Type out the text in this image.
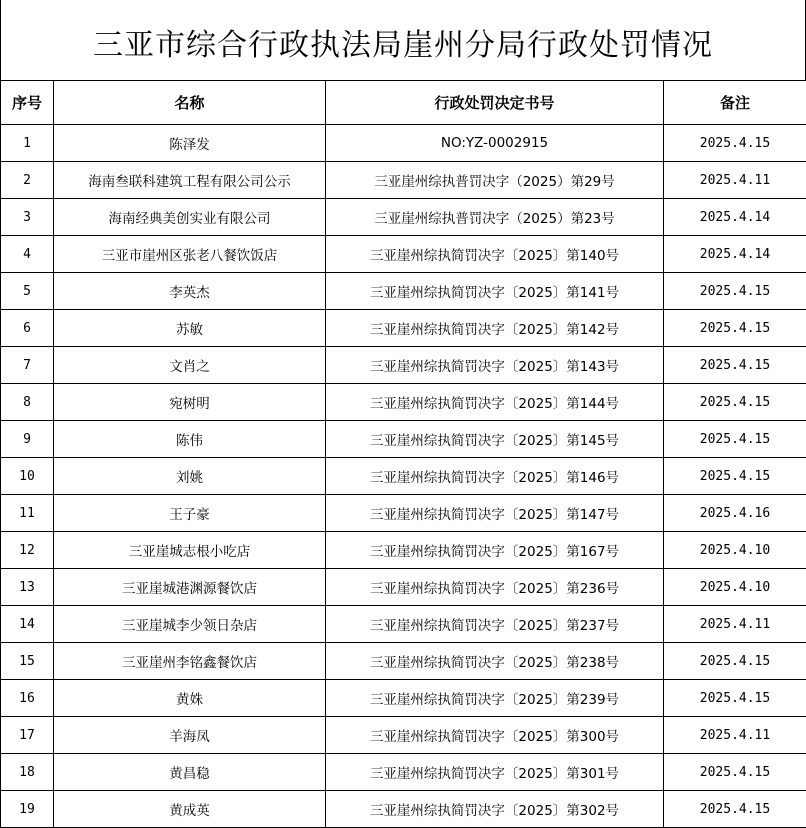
三亚市综合行政执法局崖州分局行政处罚情况
序号	名称	行政处罚决定书号	备注
1	陈泽发	NO:YZ-0002915	2025.4.15
2	海南叁联科建筑工程有限公司公示	三亚崖州综执普罚决字（2025）第29号	2025.4.11
3	海南经典美创实业有限公司	三亚崖州综执普罚决字（2025）第23号	2025.4.14
4	三亚市崖州区张老八餐饮饭店	三亚崖州综执简罚决字〔2025〕第140号	2025.4.14
5	李英杰	三亚崖州综执简罚决字〔2025〕第141号	2025.4.15
6	苏敏	三亚崖州综执简罚决字〔2025〕第142号	2025.4.15
7	文肖之	三亚崖州综执简罚决字〔2025〕第143号	2025.4.15
8	宛树明	三亚崖州综执简罚决字〔2025〕第144号	2025.4.15
9	陈伟	三亚崖州综执简罚决字〔2025〕第145号	2025.4.15
10	刘姚	三亚崖州综执简罚决字〔2025〕第146号	2025.4.15
11	王子豪	三亚崖州综执简罚决字〔2025〕第147号	2025.4.16
12	三亚崖城志根小吃店	三亚崖州综执简罚决字〔2025〕第167号	2025.4.10
13	三亚崖城港渊源餐饮店	三亚崖州综执简罚决字〔2025〕第236号	2025.4.10
14	三亚崖城李少领日杂店	三亚崖州综执简罚决字〔2025〕第237号	2025.4.11
15	三亚崖州李铭鑫餐饮店	三亚崖州综执简罚决字〔2025〕第238号	2025.4.15
16	黄姝	三亚崖州综执简罚决字〔2025〕第239号	2025.4.15
17	羊海凤	三亚崖州综执简罚决字〔2025〕第300号	2025.4.11
18	黄昌稳	三亚崖州综执简罚决字〔2025〕第301号	2025.4.15
19	黄成英	三亚崖州综执简罚决字〔2025〕第302号	2025.4.15
